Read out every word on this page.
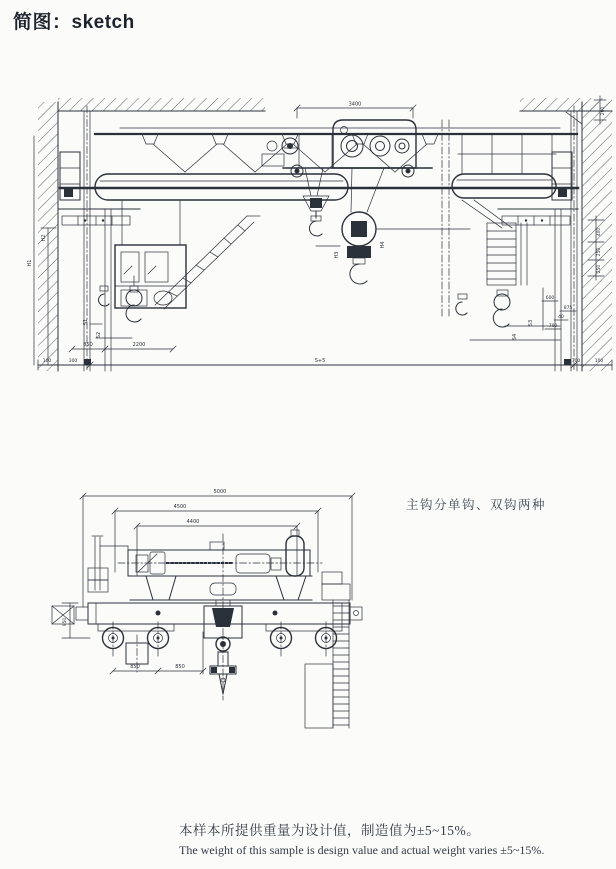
简图：sketch
3400
H3
H4
S1
S2
850	2200
S3
S4
100	300	S+5	300	100
H1
H2
400
250
250
200
600
875
40
700
5000
4500
4400
850	850
950
主钩分单钩、双钩两种
本样本所提供重量为设计值，制造值为±5~15%。
The weight of this sample is design value and actual weight varies ±5~15%.
